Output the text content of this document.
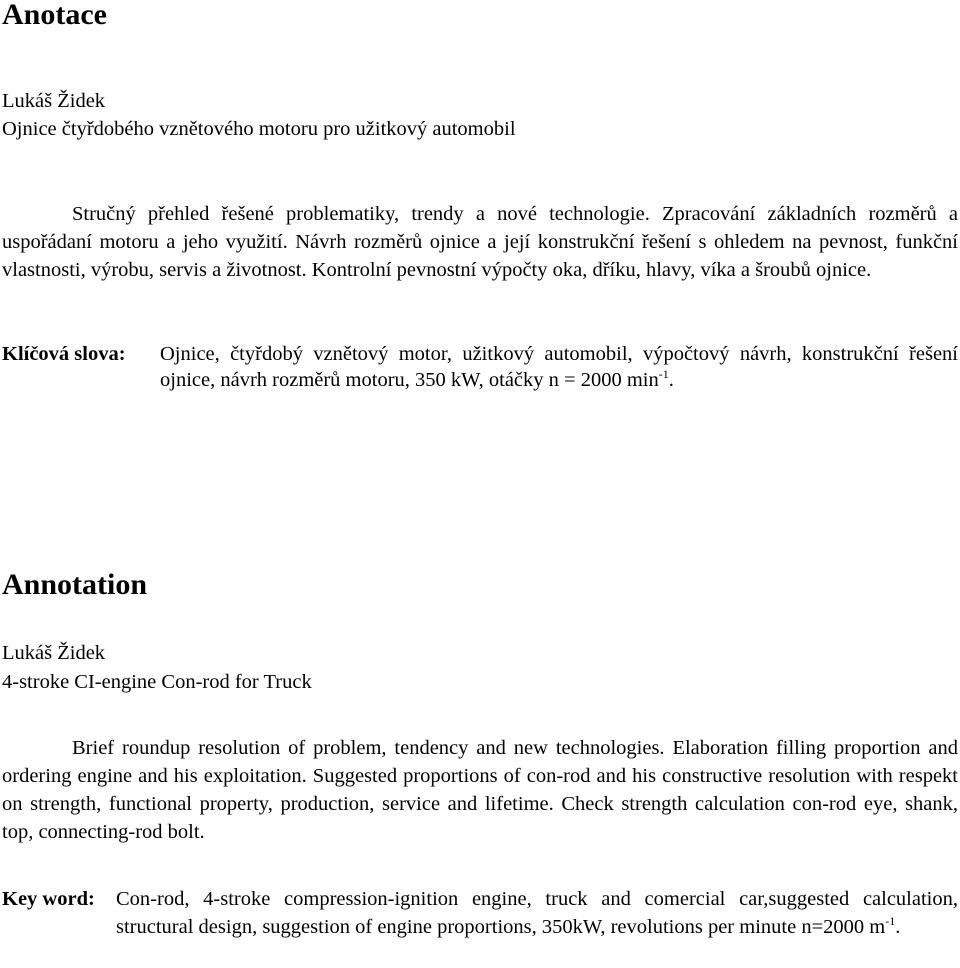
Anotace
Lukáš Židek
Ojnice čtyřdobého vznětového motoru pro užitkový automobil

Stručný přehled řešené problematiky, trendy a nové technologie. Zpracování základních rozměrů a uspořádaní motoru a jeho využití. Návrh rozměrů ojnice a její konstrukční řešení s ohledem na pevnost, funkční vlastnosti, výrobu, servis a životnost. Kontrolní pevnostní výpočty oka, dříku, hlavy, víka a šroubů ojnice.

Klíčová slova:	Ojnice, čtyřdobý vznětový motor, užitkový automobil, výpočtový návrh, konstrukční řešení ojnice, návrh rozměrů motoru, 350 kW, otáčky n = 2000 $\min^{-1}$.
Annotation
Lukáš Židek
4-stroke CI-engine Con-rod for Truck

Brief roundup resolution of problem, tendency and new technologies. Elaboration filling proportion and ordering engine and his exploitation. Suggested proportions of con-rod and his constructive resolution with respekt on strength, functional property, production, service and lifetime. Check strength calculation con-rod eye, shank, top, connecting-rod bolt.

Key word:	Con-rod, 4-stroke compression-ignition engine, truck and comercial car,suggested calculation, structural design, suggestion of engine proportions, 350kW, revolutions per minute n=2000 $m^{-1}$.
